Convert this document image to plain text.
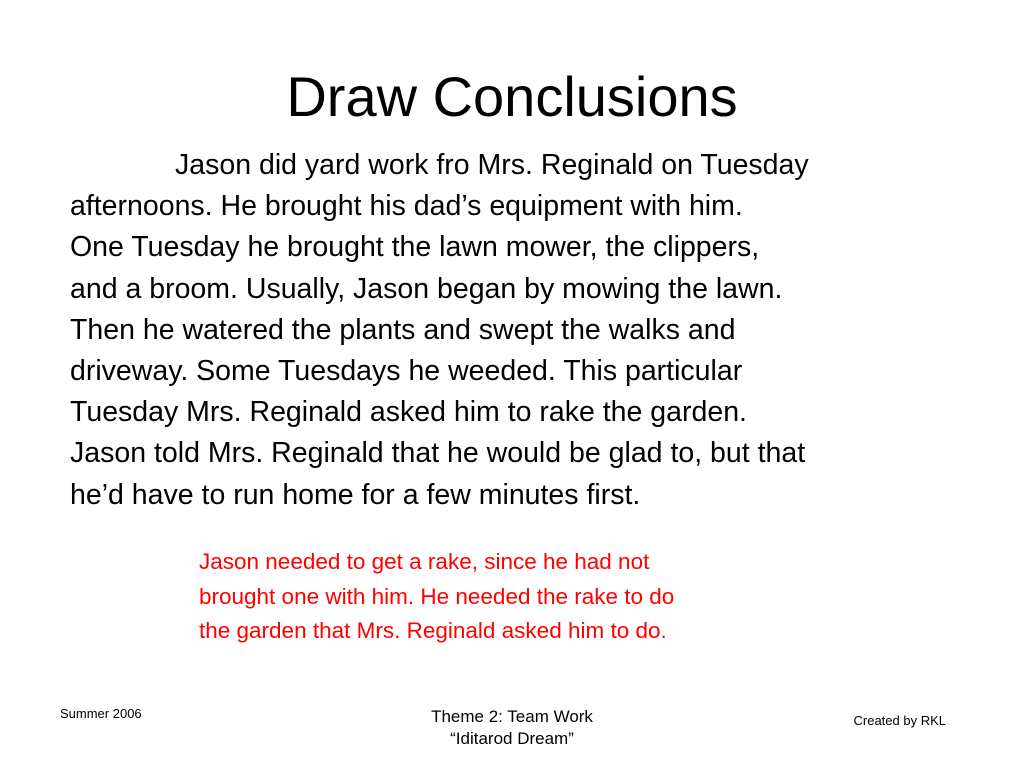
Draw Conclusions
Jason did yard work fro Mrs. Reginald on Tuesday
afternoons. He brought his dad’s equipment with him.
One Tuesday he brought the lawn mower, the clippers,
and a broom. Usually, Jason began by mowing the lawn.
Then he watered the plants and swept the walks and
driveway. Some Tuesdays he weeded. This particular
Tuesday Mrs. Reginald asked him to rake the garden.
Jason told Mrs. Reginald that he would be glad to, but that
he’d have to run home for a few minutes first.
Jason needed to get a rake, since he had not
brought one with him. He needed the rake to do
the garden that Mrs. Reginald asked him to do.
Summer 2006	Theme 2: Team Work
“Iditarod Dream”
Created by RKL
